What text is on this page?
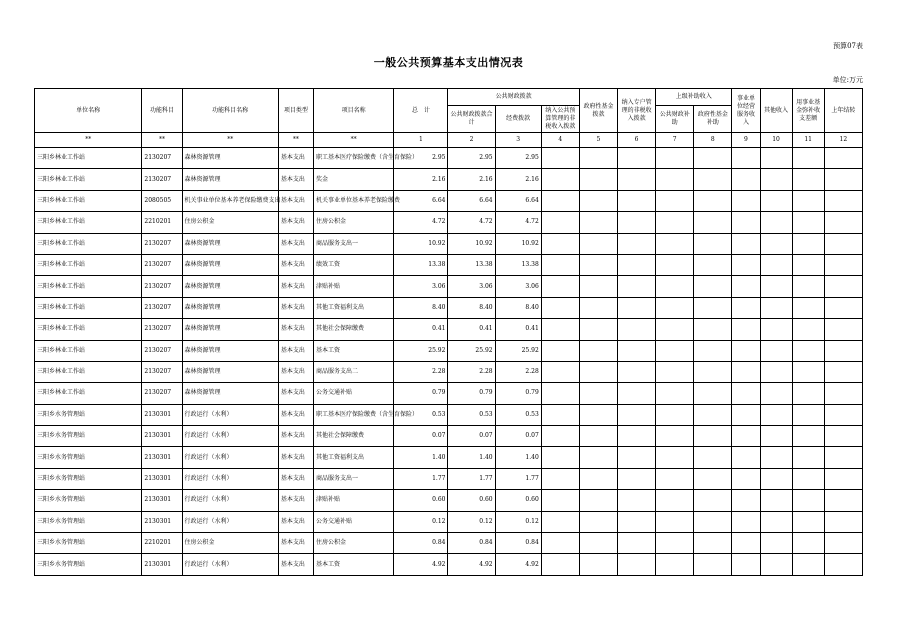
预算07表
一般公共预算基本支出情况表
单位:万元
单位名称	功能科目	功能科目名称	项目类型	项目名称	总　计	公共财政拨款			政府性基金拨款	纳入专户管理的非税收入拨款	上级补助收入		事业单位经营服务收入	其他收入	用事业基金弥补收支差额	上年结转
						公共财政拨款合计	经费拨款	纳入公共预算管理的非税收入拨款								
											公共财政补助	政府性基金补助				
**	**	**	**	**	1	2	3	4	5	6	7	8	9	10	11	12
三阳乡林业工作站	2130207	森林资源管理	基本支出	职工基本医疗保险缴费（含生育保险）	2.95	2.95	2.95									
三阳乡林业工作站	2130207	森林资源管理	基本支出	奖金	2.16	2.16	2.16									
三阳乡林业工作站	2080505	机关事业单位基本养老保险缴费支出	基本支出	机关事业单位基本养老保险缴费	6.64	6.64	6.64									
三阳乡林业工作站	2210201	住房公积金	基本支出	住房公积金	4.72	4.72	4.72									
三阳乡林业工作站	2130207	森林资源管理	基本支出	商品服务支出一	10.92	10.92	10.92									
三阳乡林业工作站	2130207	森林资源管理	基本支出	绩效工资	13.38	13.38	13.38									
三阳乡林业工作站	2130207	森林资源管理	基本支出	津贴补贴	3.06	3.06	3.06									
三阳乡林业工作站	2130207	森林资源管理	基本支出	其他工资福利支出	8.40	8.40	8.40									
三阳乡林业工作站	2130207	森林资源管理	基本支出	其他社会保障缴费	0.41	0.41	0.41									
三阳乡林业工作站	2130207	森林资源管理	基本支出	基本工资	25.92	25.92	25.92									
三阳乡林业工作站	2130207	森林资源管理	基本支出	商品服务支出二	2.28	2.28	2.28									
三阳乡林业工作站	2130207	森林资源管理	基本支出	公务交通补贴	0.79	0.79	0.79									
三阳乡水务管理站	2130301	行政运行（水利）	基本支出	职工基本医疗保险缴费（含生育保险）	0.53	0.53	0.53									
三阳乡水务管理站	2130301	行政运行（水利）	基本支出	其他社会保障缴费	0.07	0.07	0.07									
三阳乡水务管理站	2130301	行政运行（水利）	基本支出	其他工资福利支出	1.40	1.40	1.40									
三阳乡水务管理站	2130301	行政运行（水利）	基本支出	商品服务支出一	1.77	1.77	1.77									
三阳乡水务管理站	2130301	行政运行（水利）	基本支出	津贴补贴	0.60	0.60	0.60									
三阳乡水务管理站	2130301	行政运行（水利）	基本支出	公务交通补贴	0.12	0.12	0.12									
三阳乡水务管理站	2210201	住房公积金	基本支出	住房公积金	0.84	0.84	0.84									
三阳乡水务管理站	2130301	行政运行（水利）	基本支出	基本工资	4.92	4.92	4.92									
